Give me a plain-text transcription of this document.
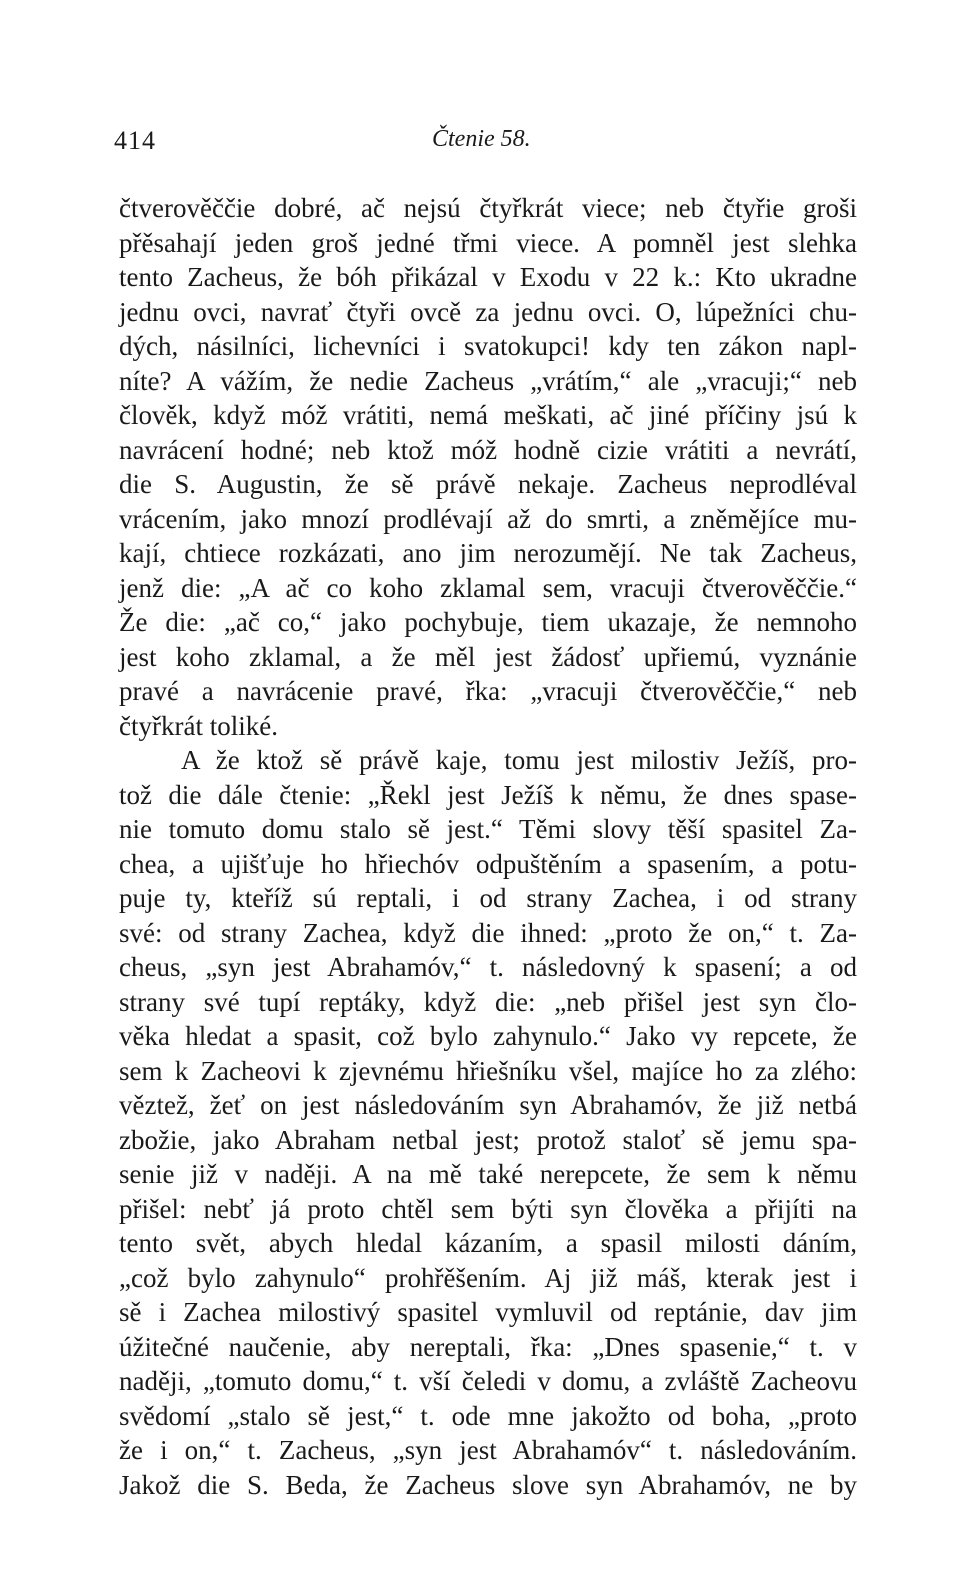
414	Čtenie 58.
čtverověččie dobré, ač nejsú čtyřkrát viece; neb čtyřie groši
přěsahají jeden groš jedné třmi viece. A pomněl jest slehka
tento Zacheus, že bóh přikázal v Exodu v 22 k.: Kto ukradne
jednu ovci, navrať čtyři ovcě za jednu ovci. O, lúpežníci chu-
dých, násilníci, lichevníci i svatokupci! kdy ten zákon napl-
níte? A vážím, že nedie Zacheus „vrátím,“ ale „vracuji;“ neb
člověk, když móž vrátiti, nemá meškati, ač jiné příčiny jsú k
navrácení hodné; neb ktož móž hodně cizie vrátiti a nevrátí,
die S. Augustin, že sě právě nekaje. Zacheus neprodléval
vrácením, jako mnozí prodlévají až do smrti, a zněmějíce mu-
kají, chtiece rozkázati, ano jim nerozumějí. Ne tak Zacheus,
jenž die: „A ač co koho zklamal sem, vracuji čtverověččie.“
Že die: „ač co,“ jako pochybuje, tiem ukazaje, že nemnoho
jest koho zklamal, a že měl jest žádosť upřiemú, vyznánie
pravé a navrácenie pravé, řka: „vracuji čtverověččie,“ neb
čtyřkrát toliké.
A že ktož sě právě kaje, tomu jest milostiv Ježíš, pro-
tož die dále čtenie: „Řekl jest Ježíš k němu, že dnes spase-
nie tomuto domu stalo sě jest.“ Těmi slovy těší spasitel Za-
chea, a ujišťuje ho hřiechóv odpuštěním a spasením, a potu-
puje ty, kteříž sú reptali, i od strany Zachea, i od strany
své: od strany Zachea, když die ihned: „proto že on,“ t. Za-
cheus, „syn jest Abrahamóv,“ t. následovný k spasení; a od
strany své tupí reptáky, když die: „neb přišel jest syn člo-
věka hledat a spasit, což bylo zahynulo.“ Jako vy repcete, že
sem k Zacheovi k zjevnému hřiešníku všel, majíce ho za zlého:
věztež, žeť on jest následováním syn Abrahamóv, že již netbá
zbožie, jako Abraham netbal jest; protož staloť sě jemu spa-
senie již v naději. A na mě také nerepcete, že sem k němu
přišel: nebť já proto chtěl sem býti syn člověka a přijíti na
tento svět, abych hledal kázaním, a spasil milosti dáním,
„což bylo zahynulo“ prohřěšením. Aj již máš, kterak jest i
sě i Zachea milostivý spasitel vymluvil od reptánie, dav jim
úžitečné naučenie, aby nereptali, řka: „Dnes spasenie,“ t. v
naději, „tomuto domu,“ t. vší čeledi v domu, a zvláště Zacheovu
svědomí „stalo sě jest,“ t. ode mne jakožto od boha, „proto
že i on,“ t. Zacheus, „syn jest Abrahamóv“ t. následováním.
Jakož die S. Beda, že Zacheus slove syn Abrahamóv, ne by
